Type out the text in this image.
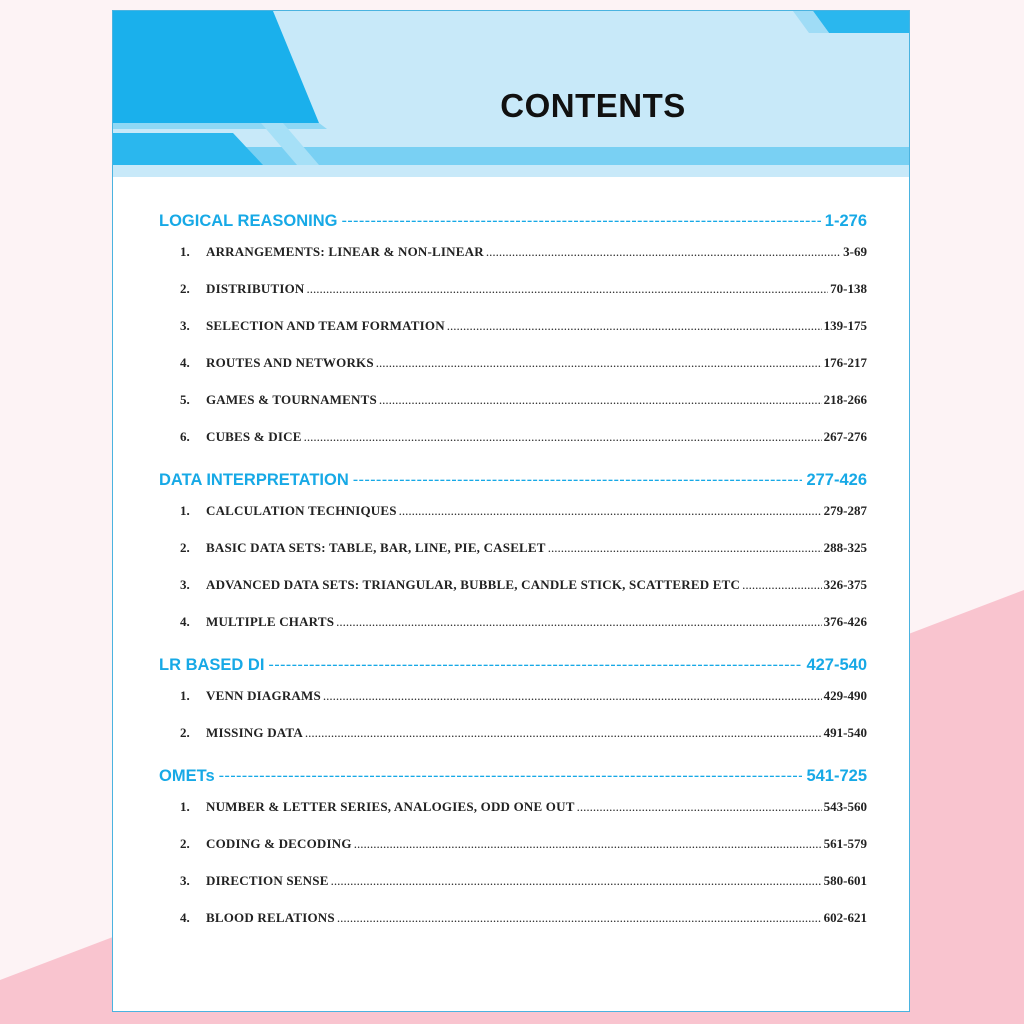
CONTENTS
LOGICAL REASONING -----	1-276
1.	ARRANGEMENTS: LINEAR & NON-LINEAR .....	3-69
2.	DISTRIBUTION .....	70-138
3.	SELECTION AND TEAM FORMATION .....	139-175
4.	ROUTES AND NETWORKS .....	176-217
5.	GAMES & TOURNAMENTS .....	218-266
6.	CUBES & DICE .....	267-276
DATA INTERPRETATION -----	277-426
1.	CALCULATION TECHNIQUES .....	279-287
2.	BASIC DATA SETS: TABLE, BAR, LINE, PIE, CASELET .....	288-325
3.	ADVANCED DATA SETS: TRIANGULAR, BUBBLE, CANDLE STICK, SCATTERED ETC .....	326-375
4.	MULTIPLE CHARTS .....	376-426
LR BASED DI -----	427-540
1.	VENN DIAGRAMS .....	429-490
2.	MISSING DATA .....	491-540
OMETs -----	541-725
1.	NUMBER & LETTER SERIES, ANALOGIES, ODD ONE OUT .....	543-560
2.	CODING & DECODING .....	561-579
3.	DIRECTION SENSE .....	580-601
4.	BLOOD RELATIONS .....	602-621
